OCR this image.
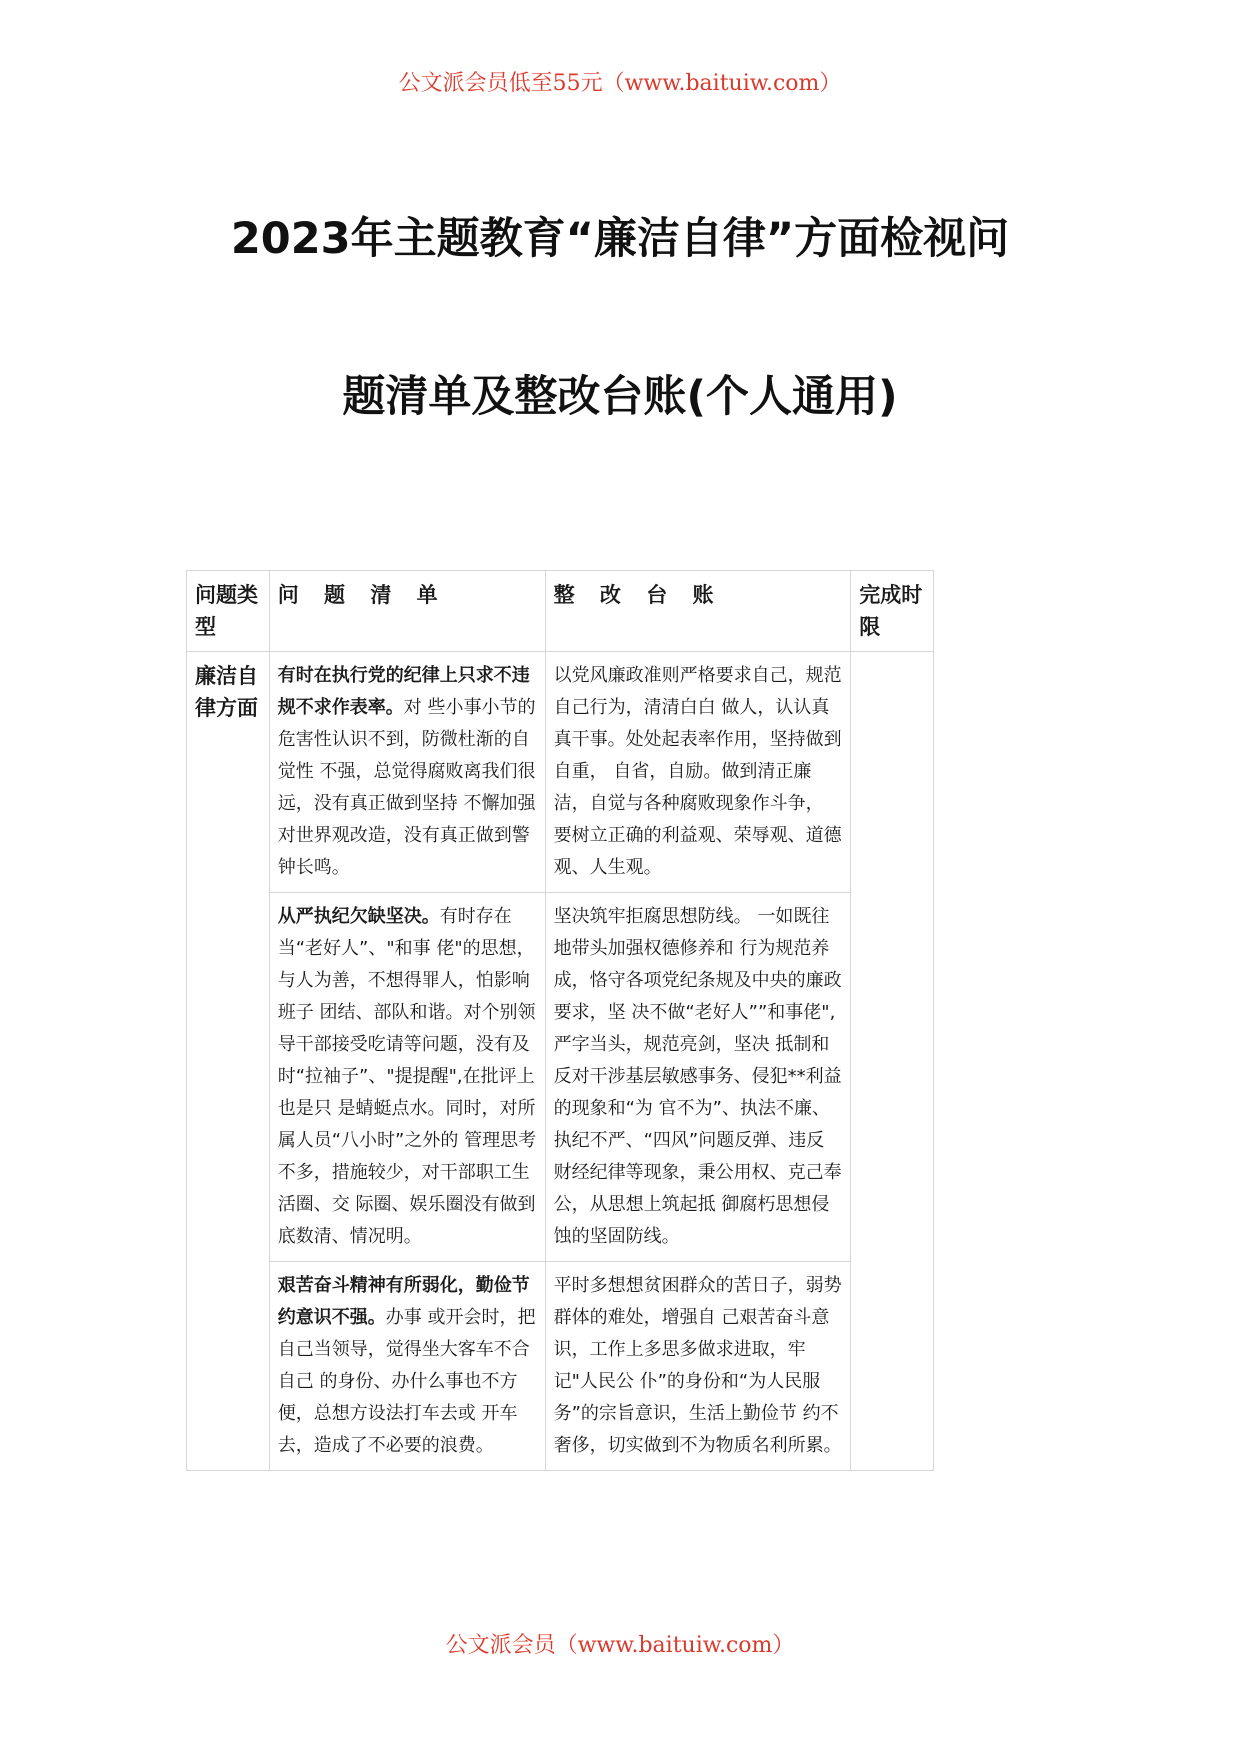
公文派会员低至55元（www.baituiw.com）
2023年主题教育“廉洁自律”方面检视问
题清单及整改台账(个人通用)
问题类型	问 题 清 单	整 改 台 账	完成时限
廉洁自律方面	有时在执行党的纪律上只求不违规不求作表率。对 些小事小节的危害性认识不到，防微杜渐的自觉性 不强，总觉得腐败离我们很远，没有真正做到坚持 不懈加强对世界观改造，没有真正做到警钟长鸣。	以党风廉政准则严格要求自己，规范自己行为，清清白白 做人，认认真真干事。处处起表率作用，坚持做到自重， 自省，自励。做到清正廉洁，自觉与各种腐败现象作斗争， 要树立正确的利益观、荣辱观、道德观、人生观。	
	从严执纪欠缺坚决。有时存在当“老好人”、"和事 佬"的思想，与人为善，不想得罪人，怕影响班子 团结、部队和谐。对个别领导干部接受吃请等问题，没有及时“拉袖子”、"提提醒",在批评上也是只 是蜻蜓点水。同时，对所属人员“八小时”之外的 管理思考不多，措施较少，对干部职工生活圈、交 际圈、娱乐圈没有做到底数清、情况明。	坚决筑牢拒腐思想防线。 一如既往地带头加强权德修养和 行为规范养成，恪守各项党纪条规及中央的廉政要求，坚 决不做“老好人””和事佬",严字当头，规范亮剑，坚决 抵制和反对干涉基层敏感事务、侵犯**利益的现象和“为 官不为”、执法不廉、执纪不严、“四风”问题反弹、违反 财经纪律等现象，秉公用权、克己奉公，从思想上筑起抵 御腐朽思想侵蚀的坚固防线。	
	艰苦奋斗精神有所弱化，勤俭节约意识不强。办事 或开会时，把自己当领导，觉得坐大客车不合自己 的身份、办什么事也不方便，总想方设法打车去或 开车去，造成了不必要的浪费。	平时多想想贫困群众的苦日子，弱势群体的难处，增强自 己艰苦奋斗意识，工作上多思多做求进取，牢记"人民公 仆”的身份和“为人民服务”的宗旨意识，生活上勤俭节 约不奢侈，切实做到不为物质名利所累。	
公文派会员（www.baituiw.com）
